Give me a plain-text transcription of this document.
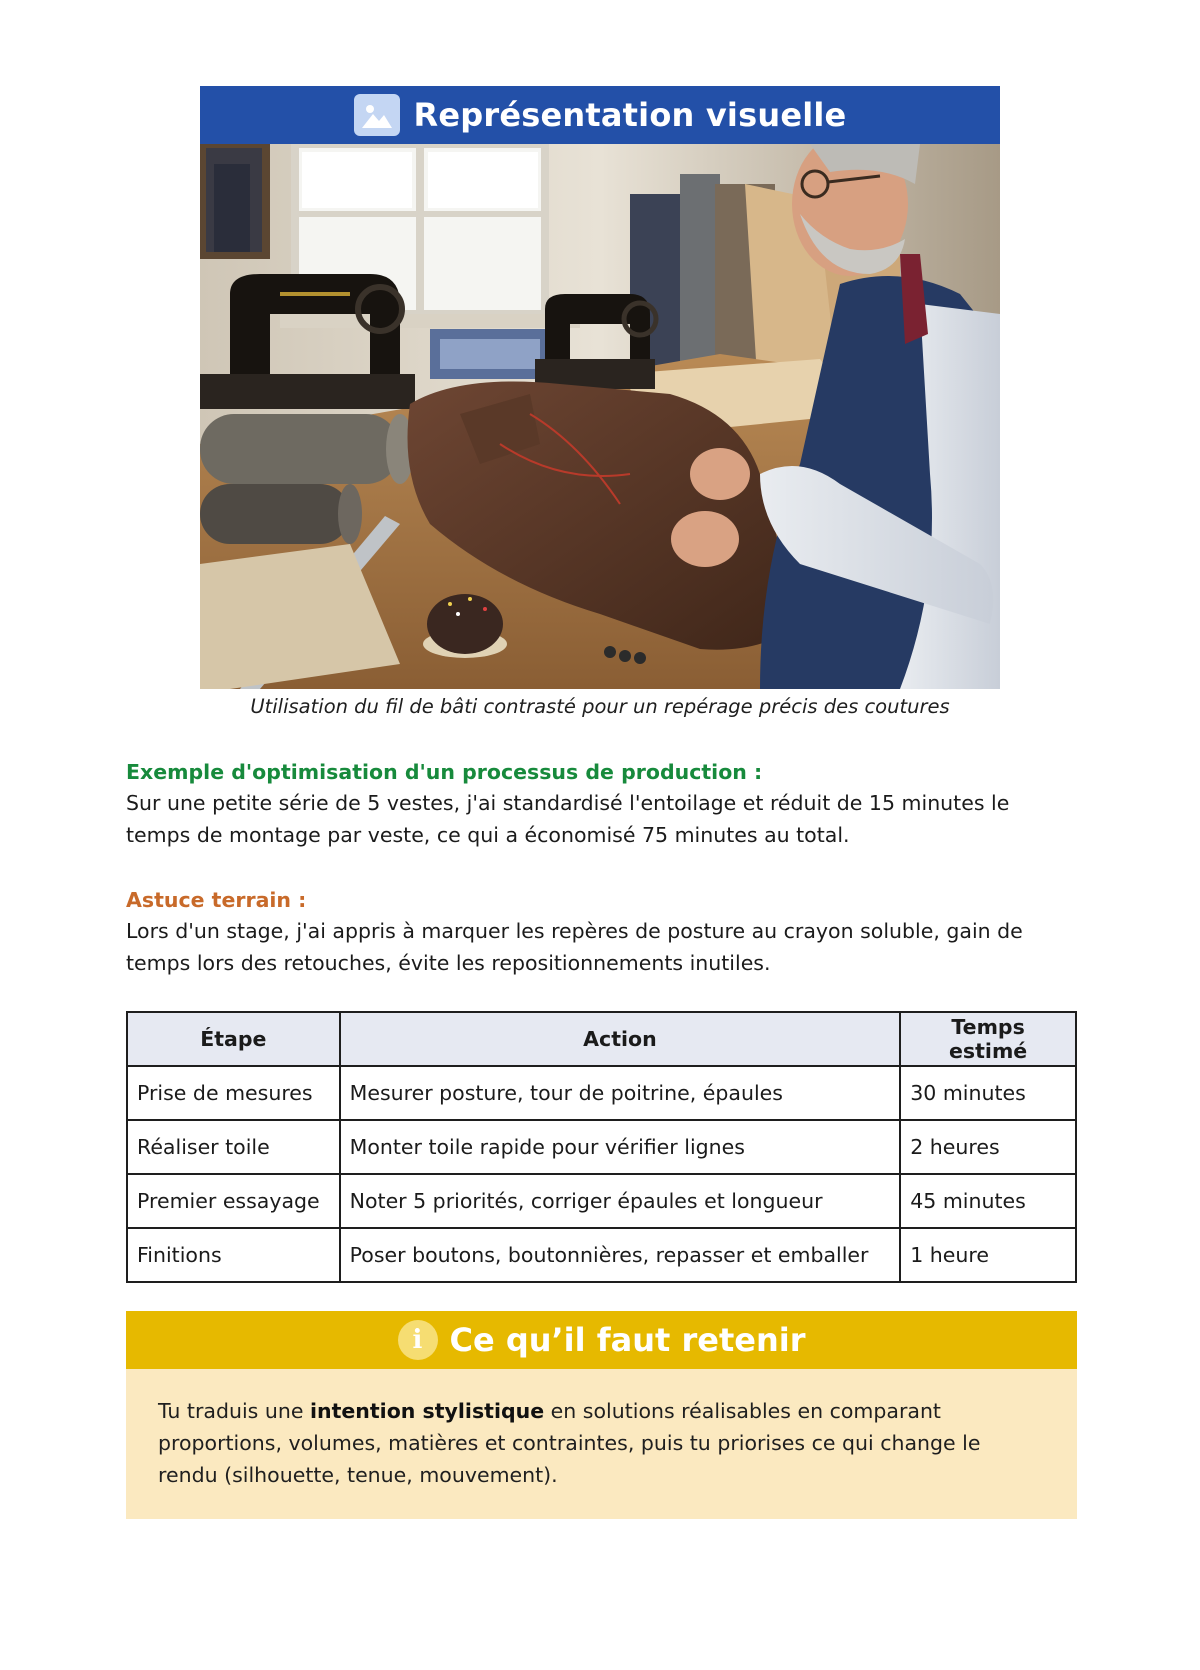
Représentation visuelle
Utilisation du fil de bâti contrasté pour un repérage précis des coutures
Exemple d'optimisation d'un processus de production :
Sur une petite série de 5 vestes, j'ai standardisé l'entoilage et réduit de 15 minutes le
temps de montage par veste, ce qui a économisé 75 minutes au total.
Astuce terrain :
Lors d'un stage, j'ai appris à marquer les repères de posture au crayon soluble, gain de
temps lors des retouches, évite les repositionnements inutiles.
Étape	Action	Temps estimé
Prise de mesures	Mesurer posture, tour de poitrine, épaules	30 minutes
Réaliser toile	Monter toile rapide pour vérifier lignes	2 heures
Premier essayage	Noter 5 priorités, corriger épaules et longueur	45 minutes
Finitions	Poser boutons, boutonnières, repasser et emballer	1 heure
i Ce qu’il faut retenir
Tu traduis une intention stylistique en solutions réalisables en comparant proportions, volumes, matières et contraintes, puis tu priorises ce qui change le rendu (silhouette, tenue, mouvement).
